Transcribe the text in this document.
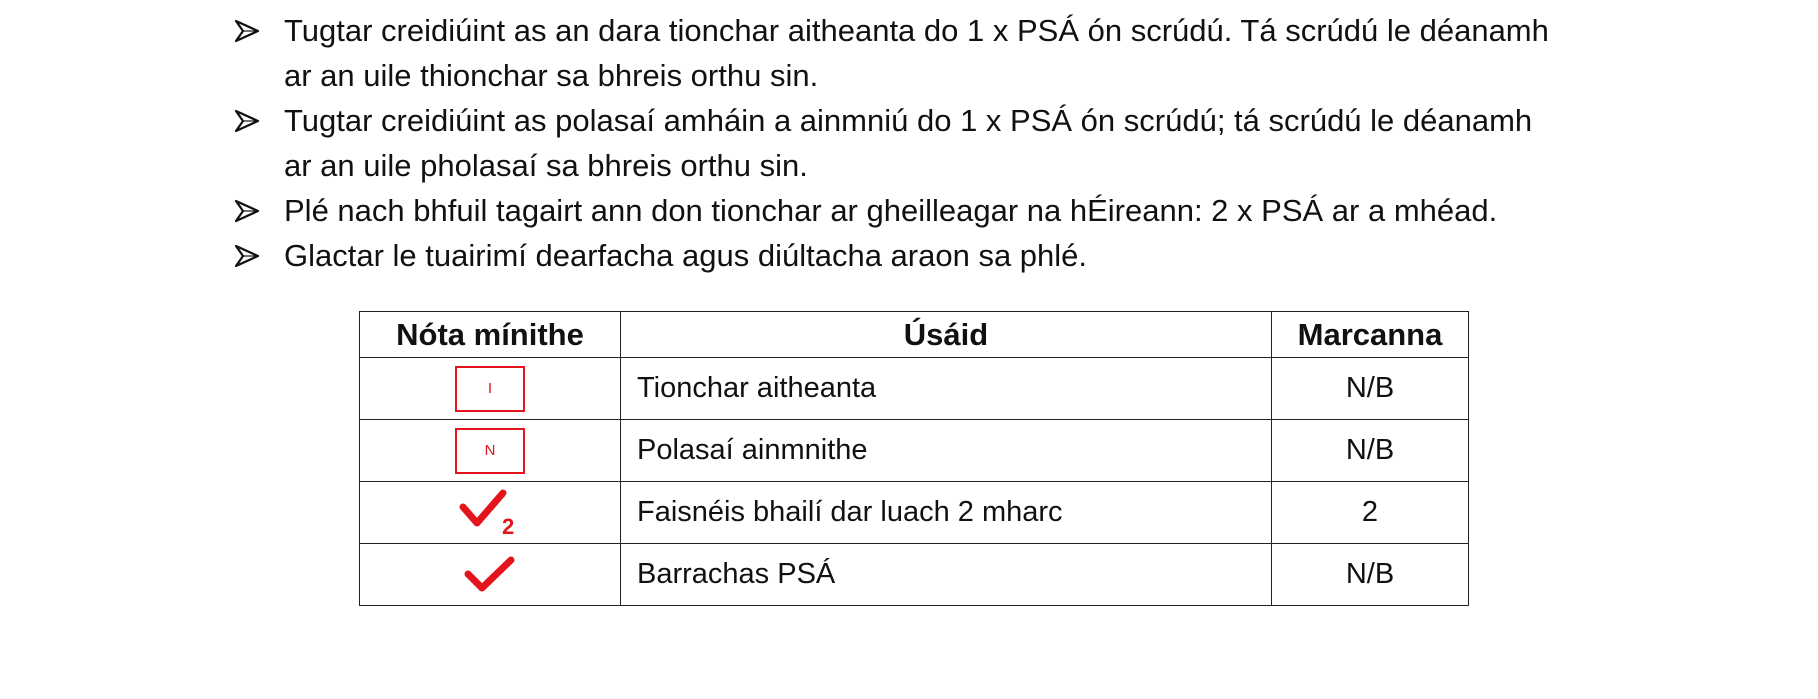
Tugtar creidiúint as an dara tionchar aitheanta do 1 x PSÁ ón scrúdú. Tá scrúdú le déanamh
ar an uile thionchar sa bhreis orthu sin.
Tugtar creidiúint as polasaí amháin a ainmniú do 1 x PSÁ ón scrúdú; tá scrúdú le déanamh
ar an uile pholasaí sa bhreis orthu sin.
Plé nach bhfuil tagairt ann don tionchar ar gheilleagar na hÉireann: 2 x PSÁ ar a mhéad.
Glactar le tuairimí dearfacha agus diúltacha araon sa phlé.
Nóta mínithe	Úsáid	Marcanna
I	Tionchar aitheanta	N/B
N	Polasaí ainmnithe	N/B

2	Faisnéis bhailí dar luach 2 mharc	2
	Barrachas PSÁ	N/B
